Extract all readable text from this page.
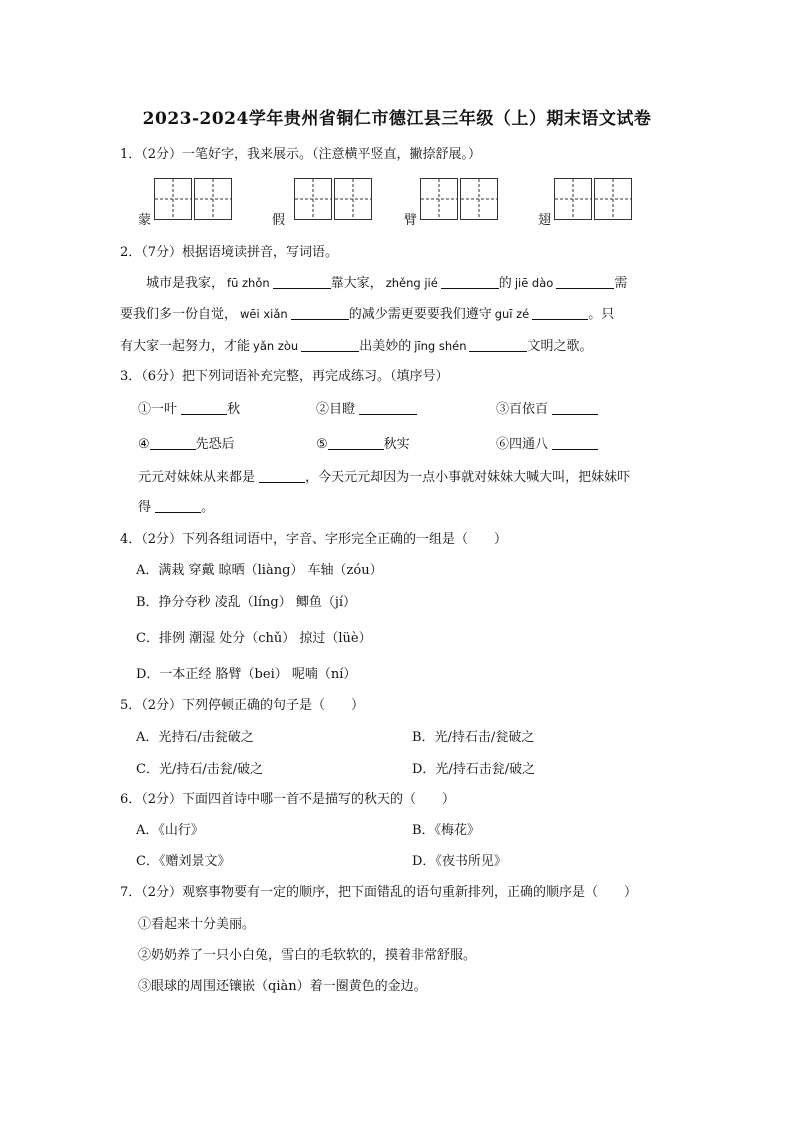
2023-2024学年贵州省铜仁市德江县三年级（上）期末语文试卷
1．（2分）一笔好字，我来展示。（注意横平竖直，撇捺舒展。）
蒙	假	臂	翅
2．（7分）根据语境读拼音，写词语。
城市是我家， fū zhǒn	靠大家， zhěng jié	的 jiē dào	需
要我们多一份自觉， wēi xiǎn	的减少需更要要我们遵守 guī zé	。只
有大家一起努力，才能 yǎn zòu	出美妙的 jīng shén	文明之歌。
3．（6分）把下列词语补充完整，再完成练习。（填序号）
①一叶	秋	②目瞪	③百依百
④	先恐后	⑤	秋实	⑥四通八
元元对妹妹从来都是	，今天元元却因为一点小事就对妹妹大喊大叫，把妹妹吓
得	。
4．（2分）下列各组词语中，字音、字形完全正确的一组是（　　）
A．满栽 穿戴 晾晒（liàng） 车轴（zóu）
B．挣分夺秒 凌乱（líng） 鲫鱼（jí）
C．排例 潮湿 处分（chǔ） 掠过（lüè）
D．一本正经 胳臂（bei） 呢喃（ní）
5．（2分）下列停顿正确的句子是（　　）
A．光持石/击瓮破之	B．光/持石击/瓮破之
C．光/持石/击瓮/破之	D．光/持石击瓮/破之
6．（2分）下面四首诗中哪一首不是描写的秋天的（　　）
A．《山行》	B．《梅花》
C．《赠刘景文》	D．《夜书所见》
7．（2分）观察事物要有一定的顺序，把下面错乱的语句重新排列，正确的顺序是（　　）
①看起来十分美丽。
②奶奶养了一只小白兔，雪白的毛软软的，摸着非常舒服。
③眼球的周围还镶嵌（qiàn）着一圈黄色的金边。
